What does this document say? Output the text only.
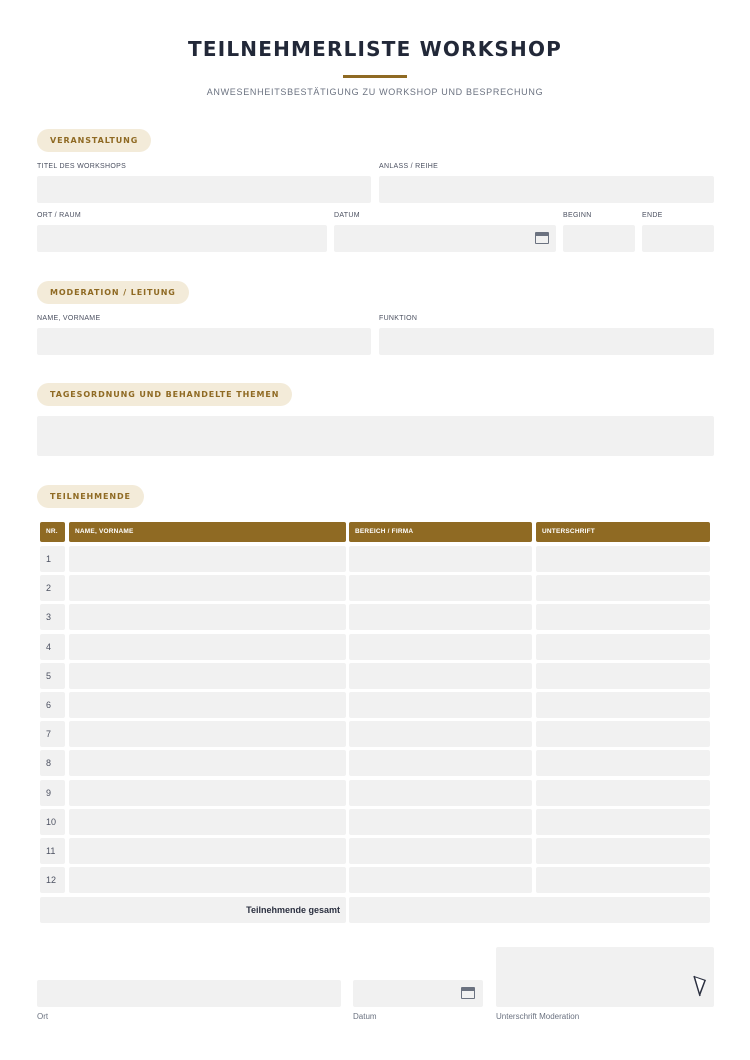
TEILNEHMERLISTE WORKSHOP
ANWESENHEITSBESTÄTIGUNG ZU WORKSHOP UND BESPRECHUNG
VERANSTALTUNG
TITEL DES WORKSHOPS	ANLASS / REIHE
ORT / RAUM	DATUM	BEGINN	ENDE
MODERATION / LEITUNG
NAME, VORNAME	FUNKTION
TAGESORDNUNG UND BEHANDELTE THEMEN
TEILNEHMENDE
NR.	NAME, VORNAME	BEREICH / FIRMA	UNTERSCHRIFT
1
2
3
4
5
6
7
8
9
10
11
12
Teilnehmende gesamt
Ort	Datum	Unterschrift Moderation
